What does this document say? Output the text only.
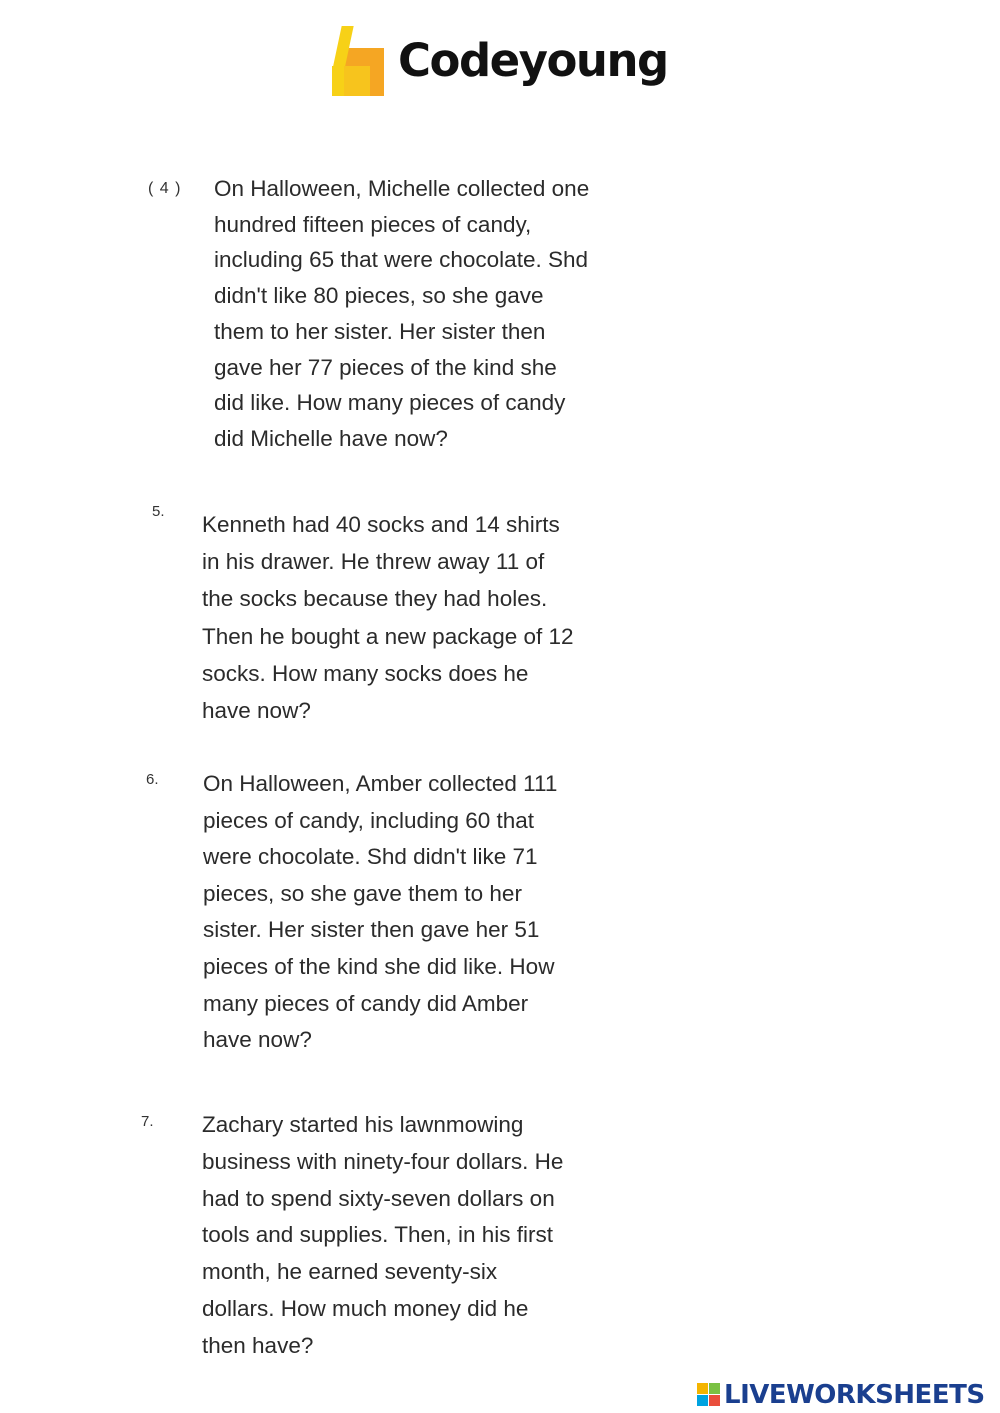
Codeyoung
( 4 ) On Halloween, Michelle collected one
hundred fifteen pieces of candy,
including 65 that were chocolate. Shd
didn't like 80 pieces, so she gave
them to her sister. Her sister then
gave her 77 pieces of the kind she
did like. How many pieces of candy
did Michelle have now?
5.
Kenneth had 40 socks and 14 shirts
in his drawer. He threw away 11 of
the socks because they had holes.
Then he bought a new package of 12
socks. How many socks does he
have now?
6. On Halloween, Amber collected 111
pieces of candy, including 60 that
were chocolate. Shd didn't like 71
pieces, so she gave them to her
sister. Her sister then gave her 51
pieces of the kind she did like. How
many pieces of candy did Amber
have now?
7. Zachary started his lawnmowing
business with ninety-four dollars. He
had to spend sixty-seven dollars on
tools and supplies. Then, in his first
month, he earned seventy-six
dollars. How much money did he
then have?
LIVEWORKSHEETS
